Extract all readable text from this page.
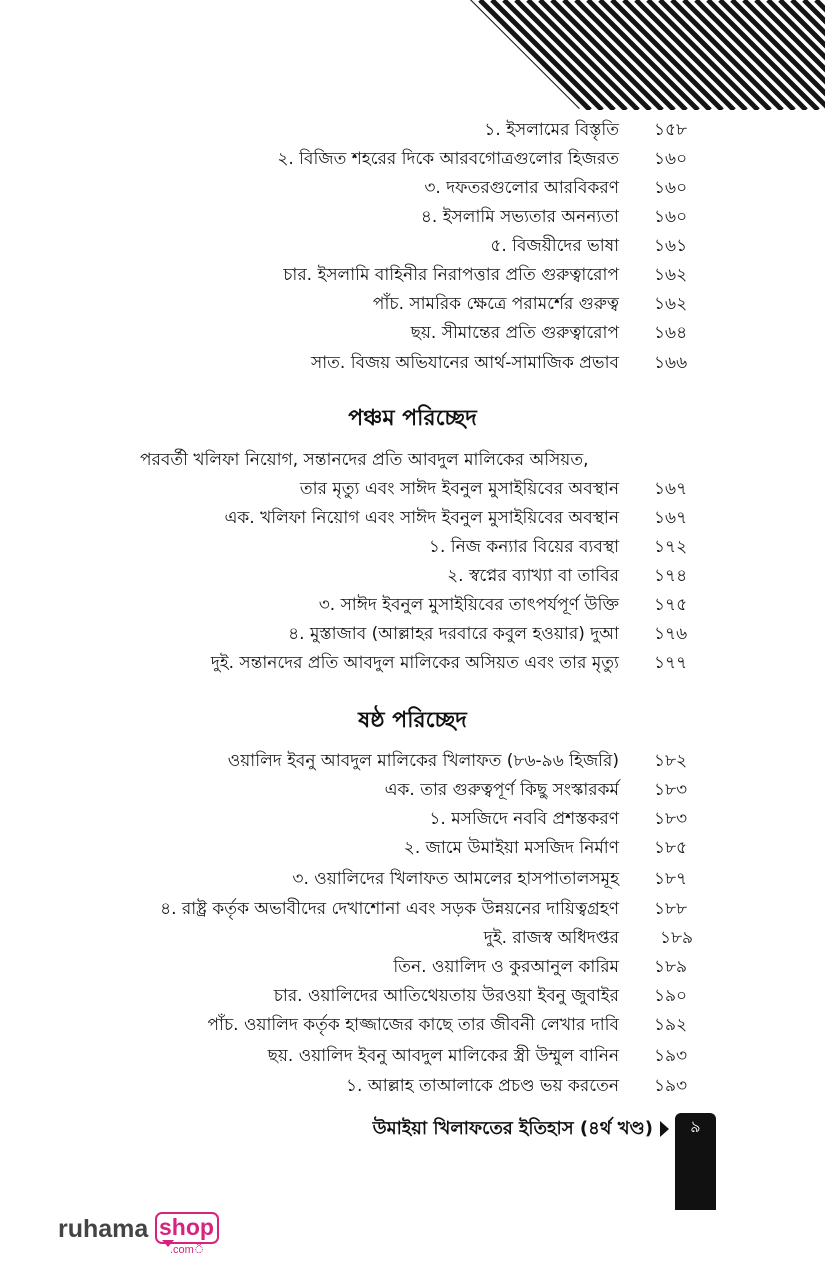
১. ইসলামের বিস্তৃতি ১৫৮
২. বিজিত শহরের দিকে আরবগোত্রগুলোর হিজরত ১৬০
৩. দফতরগুলোর আরবিকরণ ১৬০
৪. ইসলামি সভ্যতার অনন্যতা ১৬০
৫. বিজয়ীদের ভাষা ১৬১
চার. ইসলামি বাহিনীর নিরাপত্তার প্রতি গুরুত্বারোপ ১৬২
পাঁচ. সামরিক ক্ষেত্রে পরামর্শের গুরুত্ব ১৬২
ছয়. সীমান্তের প্রতি গুরুত্বারোপ ১৬৪
সাত. বিজয় অভিযানের আর্থ-সামাজিক প্রভাব ১৬৬
পঞ্চম পরিচ্ছেদ
পরবর্তী খলিফা নিয়োগ, সন্তানদের প্রতি আবদুল মালিকের অসিয়ত,
তার মৃত্যু এবং সাঈদ ইবনুল মুসাইয়িবের অবস্থান ১৬৭
এক. খলিফা নিয়োগ এবং সাঈদ ইবনুল মুসাইয়িবের অবস্থান ১৬৭
১. নিজ কন্যার বিয়ের ব্যবস্থা ১৭২
২. স্বপ্নের ব্যাখ্যা বা তাবির ১৭৪
৩. সাঈদ ইবনুল মুসাইয়িবের তাৎপর্যপূর্ণ উক্তি ১৭৫
৪. মুস্তাজাব (আল্লাহর দরবারে কবুল হওয়ার) দুআ ১৭৬
দুই. সন্তানদের প্রতি আবদুল মালিকের অসিয়ত এবং তার মৃত্যু ১৭৭
ষষ্ঠ পরিচ্ছেদ
ওয়ালিদ ইবনু আবদুল মালিকের খিলাফত (৮৬-৯৬ হিজরি) ১৮২
এক. তার গুরুত্বপূর্ণ কিছু সংস্কারকর্ম ১৮৩
১. মসজিদে নববি প্রশস্তকরণ ১৮৩
২. জামে উমাইয়া মসজিদ নির্মাণ ১৮৫
৩. ওয়ালিদের খিলাফত আমলের হাসপাতালসমূহ ১৮৭
৪. রাষ্ট্র কর্তৃক অভাবীদের দেখাশোনা এবং সড়ক উন্নয়নের দায়িত্বগ্রহণ ১৮৮
দুই. রাজস্ব অধিদপ্তর ১৮৯
তিন. ওয়ালিদ ও কুরআনুল কারিম ১৮৯
চার. ওয়ালিদের আতিথেয়তায় উরওয়া ইবনু জুবাইর ১৯০
পাঁচ. ওয়ালিদ কর্তৃক হাজ্জাজের কাছে তার জীবনী লেখার দাবি ১৯২
ছয়. ওয়ালিদ ইবনু আবদুল মালিকের স্ত্রী উম্মুল বানিন ১৯৩
১. আল্লাহ তাআলাকে প্রচণ্ড ভয় করতেন ১৯৩
উমাইয়া খিলাফতের ইতিহাস (৪র্থ খণ্ড)	৯
ruhama shop
.comঁ
